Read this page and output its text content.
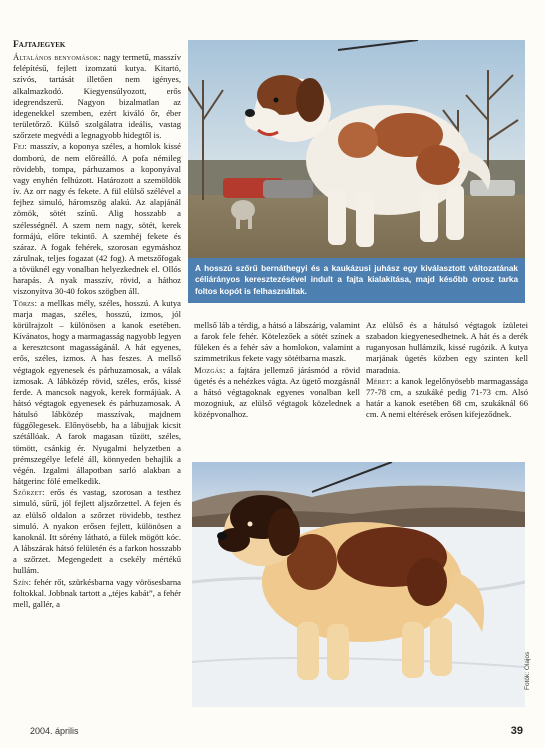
Fajtajegyek

Általános benyomások: nagy termetű, masszív felépítésű, fejlett izomzatú kutya. Kitartó, szívós, tartását illetően nem igényes, alkalmazkodó. Kiegyensúlyozott, erős idegrendszerű. Nagyon bizalmatlan az idegenekkel szemben, ezért kiváló őr, éber területőrző. Külső szolgálatra ideális, vastag szőrzete megvédi a legnagyobb hidegtől is.

Fej: masszív, a koponya széles, a homlok kissé domború, de nem előreálló. A pofa némileg rövidebb, tompa, párhuzamos a koponyával vagy enyhén felhúzott. Határozott a szemöldök ív. Az orr nagy és fekete. A fül elülső szélével a fejhez simuló, háromszög alakú. Az alapjánál zömök, sötét színű. Alig hosszabb a szélességnél. A szem nem nagy, sötét, kerek formájú, előre tekintő. A szemhéj fekete és száraz. A fogak fehérek, szorosan egymáshoz zárulnak, teljes fogazat (42 fog). A metszőfogak a tövüknél egy vonalban helyezkednek el. Ollós harapás. A nyak masszív, rövid, a háthoz viszonyítva 30-40 fokos szögben áll.

Törzs: a mellkas mély, széles, hosszú. A kutya marja magas, széles, hosszú, izmos, jól körülrajzolt – különösen a kanok esetében. Kívánatos, hogy a marmagasság nagyobb legyen a keresztcsont magasságánál. A hát egyenes, erős, széles, izmos. A has feszes. A mellső végtagok egyenesek és párhuzamosak, a válak izmosak. A lábközép rövid, széles, erős, kissé ferde. A mancsok nagyok, kerek formájúak. A hátsó végtagok egyenesek és párhuzamosak. A hátulsó lábközép masszívak, majdnem függőlegesek. Előnyösebb, ha a lábujjak kicsit szétállóak. A farok magasan tűzött, széles, tömött, csánkig ér. Nyugalmi helyzetben a prémszegélye lefelé áll, könnyeden behajlik a végén. Izgalmi állapotban sarló alakban a hátgerinc fölé emelkedik.

Szőrzet: erős és vastag, szorosan a testhez simuló, sűrű, jól fejlett aljszőrzettel. A fejen és az elülső oldalon a szőrzet rövidebb, testhez simuló. A nyakon erősen fejlett, különösen a kanoknál. Itt sörény látható, a fülek mögött kóc. A lábszárak hátsó felületén és a farkon hosszabb a szőrzet. Megengedett a csekély mértékű hullám.

Szín: fehér rőt, szürkésbarna vagy vörösesbarna foltokkal. Jobbnak tartott a „téjes kabát”, a fehér mell, gallér, a

A hosszú szőrű bernáthegyi és a kaukázusi juhász egy kiválasztott változatának céliárányos keresztezésével indult a fajta kialakítása, majd később orosz tarka foltos kopót is felhasználtak.

mellső láb a térdig, a hátsó a lábszárig, valamint a farok fele fehér. Kötelezőek a sötét színek a füleken és a fehér sáv a homlokon, valamint a szimmetrikus fekete vagy sötétbarna maszk.

Mozgás: a fajtára jellemző járásmód a rövid ügetés és a nehézkes vágta. Az ügető mozgásnál a hátsó végtagoknak egyenes vonalban kell mozogniuk, az elülső végtagok közelednek a középvonalhoz.

Az elülső és a hátulsó végtagok ízületei szabadon kiegyenesedhetnek. A hát és a derék ruganyosan hullámzik, kissé rugózik. A kutya marjának ügetés közben egy szinten kell maradnia.

Méret: a kanok legelőnyösebb marmagassága 77-78 cm, a szukáké pedig 71-73 cm. Alsó határ a kanok esetében 68 cm, szukáknál 66 cm. A nemi eltérések erősen kifejeződnek.

Fotók: Olajos
2004. április	39
